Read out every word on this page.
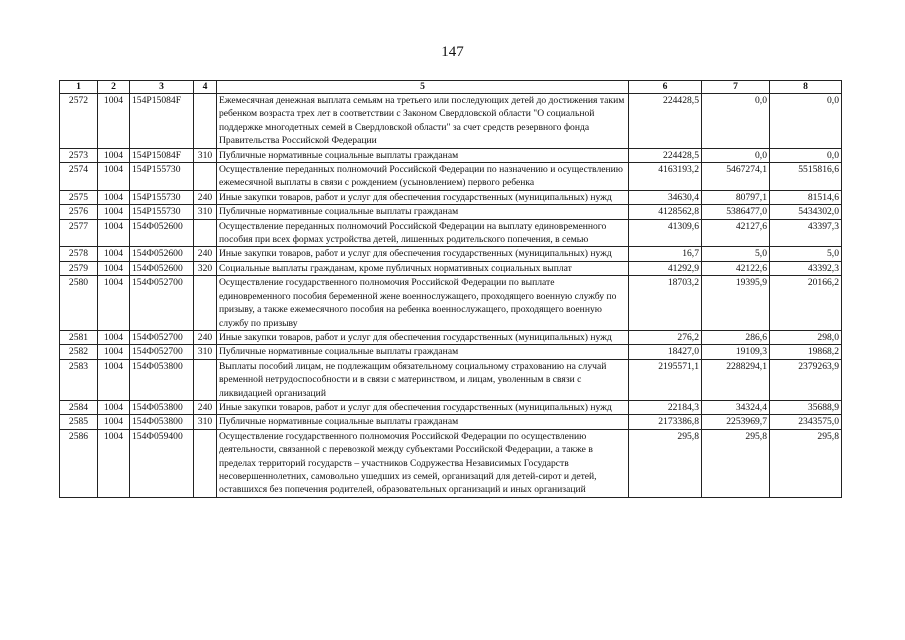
147
1	2	3	4	5	6	7	8
2572	1004	154P15084F		Ежемесячная денежная выплата семьям на третьего или последующих детей до достижения таким ребенком возраста трех лет в соответствии с Законом Свердловской области "О социальной поддержке многодетных семей в Свердловской области" за счет средств резервного фонда Правительства Российской Федерации	224428,5	0,0	0,0
2573	1004	154P15084F	310	Публичные нормативные социальные выплаты гражданам	224428,5	0,0	0,0
2574	1004	154P155730		Осуществление переданных полномочий Российской Федерации по назначению и осуществлению ежемесячной выплаты в связи с рождением (усыновлением) первого ребенка	4163193,2	5467274,1	5515816,6
2575	1004	154P155730	240	Иные закупки товаров, работ и услуг для обеспечения государственных (муниципальных) нужд	34630,4	80797,1	81514,6
2576	1004	154P155730	310	Публичные нормативные социальные выплаты гражданам	4128562,8	5386477,0	5434302,0
2577	1004	154Ф052600		Осуществление переданных полномочий Российской Федерации на выплату единовременного пособия при всех формах устройства детей, лишенных родительского попечения, в семью	41309,6	42127,6	43397,3
2578	1004	154Ф052600	240	Иные закупки товаров, работ и услуг для обеспечения государственных (муниципальных) нужд	16,7	5,0	5,0
2579	1004	154Ф052600	320	Социальные выплаты гражданам, кроме публичных нормативных социальных выплат	41292,9	42122,6	43392,3
2580	1004	154Ф052700		Осуществление государственного полномочия Российской Федерации по выплате единовременного пособия беременной жене военнослужащего, проходящего военную службу по призыву, а также ежемесячного пособия на ребенка военнослужащего, проходящего военную службу по призыву	18703,2	19395,9	20166,2
2581	1004	154Ф052700	240	Иные закупки товаров, работ и услуг для обеспечения государственных (муниципальных) нужд	276,2	286,6	298,0
2582	1004	154Ф052700	310	Публичные нормативные социальные выплаты гражданам	18427,0	19109,3	19868,2
2583	1004	154Ф053800		Выплаты пособий лицам, не подлежащим обязательному социальному страхованию на случай временной нетрудоспособности и в связи с материнством, и лицам, уволенным в связи с ликвидацией организаций	2195571,1	2288294,1	2379263,9
2584	1004	154Ф053800	240	Иные закупки товаров, работ и услуг для обеспечения государственных (муниципальных) нужд	22184,3	34324,4	35688,9
2585	1004	154Ф053800	310	Публичные нормативные социальные выплаты гражданам	2173386,8	2253969,7	2343575,0
2586	1004	154Ф059400		Осуществление государственного полномочия Российской Федерации по осуществлению деятельности, связанной с перевозкой между субъектами Российской Федерации, а также в пределах территорий государств – участников Содружества Независимых Государств несовершеннолетних, самовольно ушедших из семей, организаций для детей-сирот и детей, оставшихся без попечения родителей, образовательных организаций и иных организаций	295,8	295,8	295,8
